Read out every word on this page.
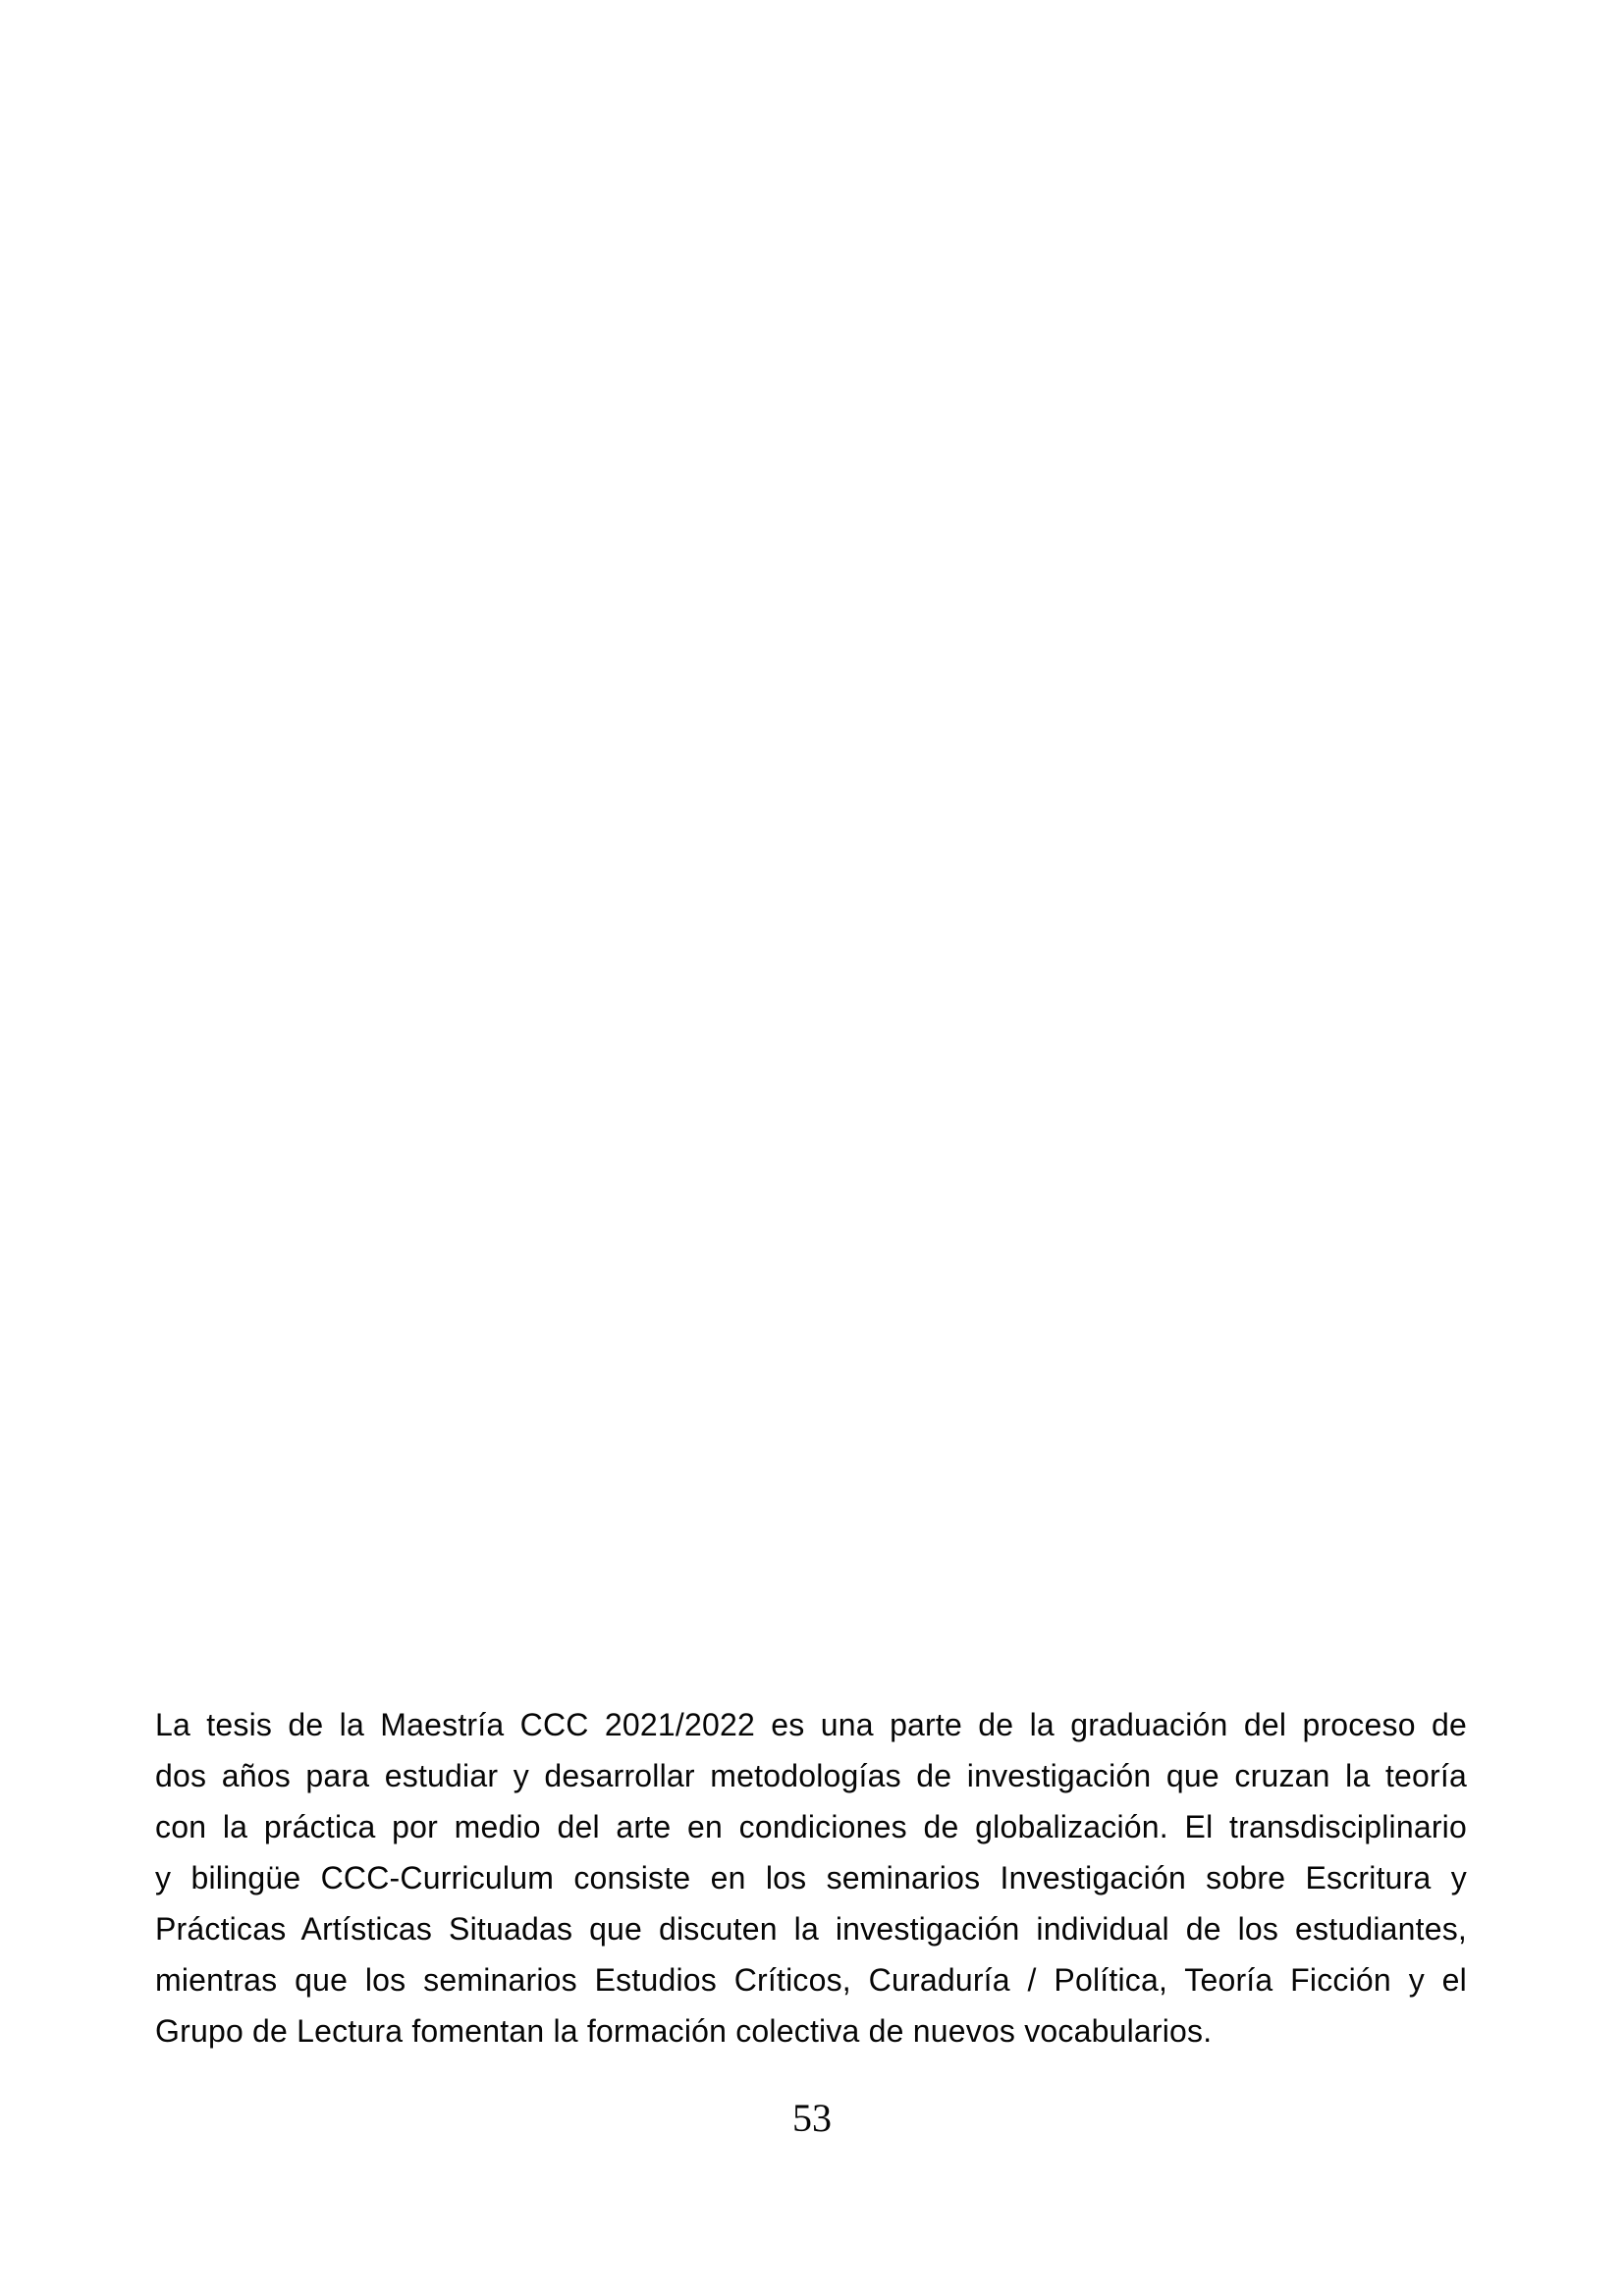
La tesis de la Maestría CCC 2021/2022 es una parte de la graduación del proceso de
dos años para estudiar y desarrollar metodologías de investigación que cruzan la teoría
con la práctica por medio del arte en condiciones de globalización. El transdisciplinario
y bilingüe CCC-Curriculum consiste en los seminarios Investigación sobre Escritura y
Prácticas Artísticas Situadas que discuten la investigación individual de los estudiantes,
mientras que los seminarios Estudios Críticos, Curaduría / Política, Teoría Ficción y el
Grupo de Lectura fomentan la formación colectiva de nuevos vocabularios.
53
